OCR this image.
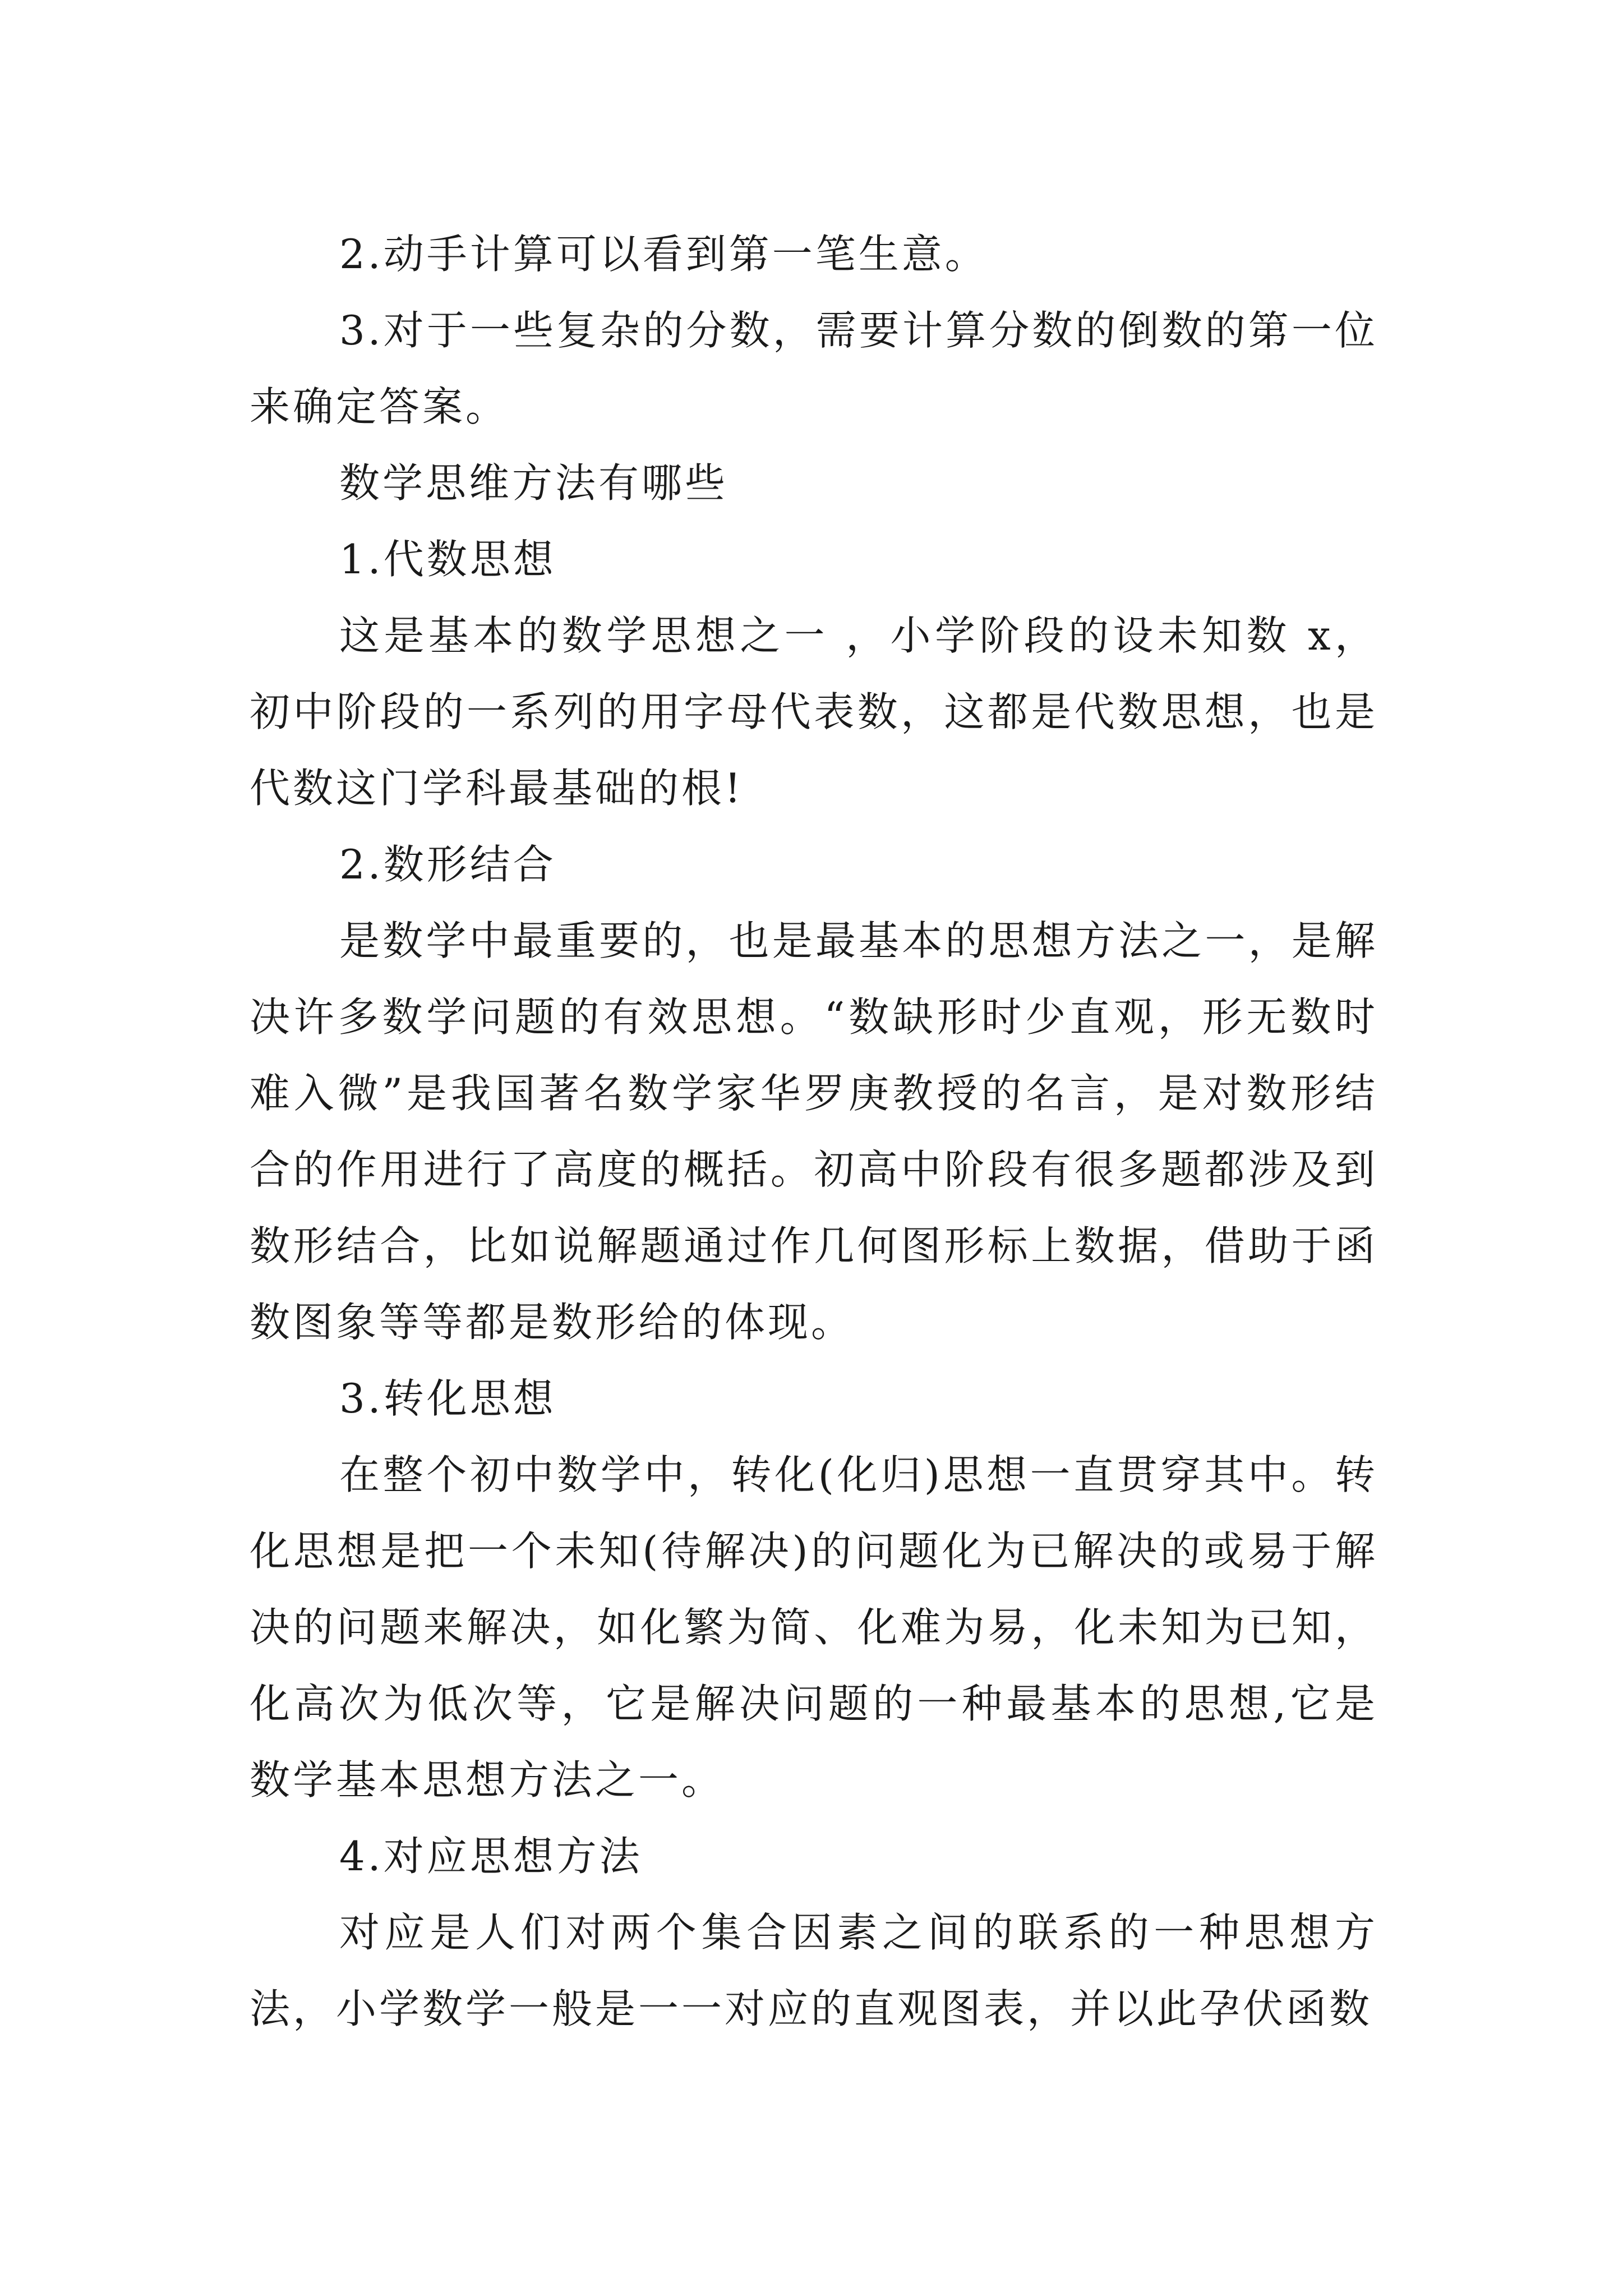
2.动手计算可以看到第一笔生意。

3.对于一些复杂的分数，需要计算分数的倒数的第一位来确定答案。

数学思维方法有哪些

1.代数思想

这是基本的数学思想之一 ，小学阶段的设未知数 x，初中阶段的一系列的用字母代表数，这都是代数思想，也是代数这门学科最基础的根!

2.数形结合

是数学中最重要的，也是最基本的思想方法之一，是解决许多数学问题的有效思想。“数缺形时少直观，形无数时难入微”是我国著名数学家华罗庚教授的名言，是对数形结合的作用进行了高度的概括。初高中阶段有很多题都涉及到数形结合，比如说解题通过作几何图形标上数据，借助于函数图象等等都是数形给的体现。

3.转化思想

在整个初中数学中，转化(化归)思想一直贯穿其中。转化思想是把一个未知(待解决)的问题化为已解决的或易于解决的问题来解决，如化繁为简、化难为易，化未知为已知，化高次为低次等，它是解决问题的一种最基本的思想,它是数学基本思想方法之一。

4.对应思想方法

对应是人们对两个集合因素之间的联系的一种思想方法，小学数学一般是一一对应的直观图表，并以此孕伏函数
